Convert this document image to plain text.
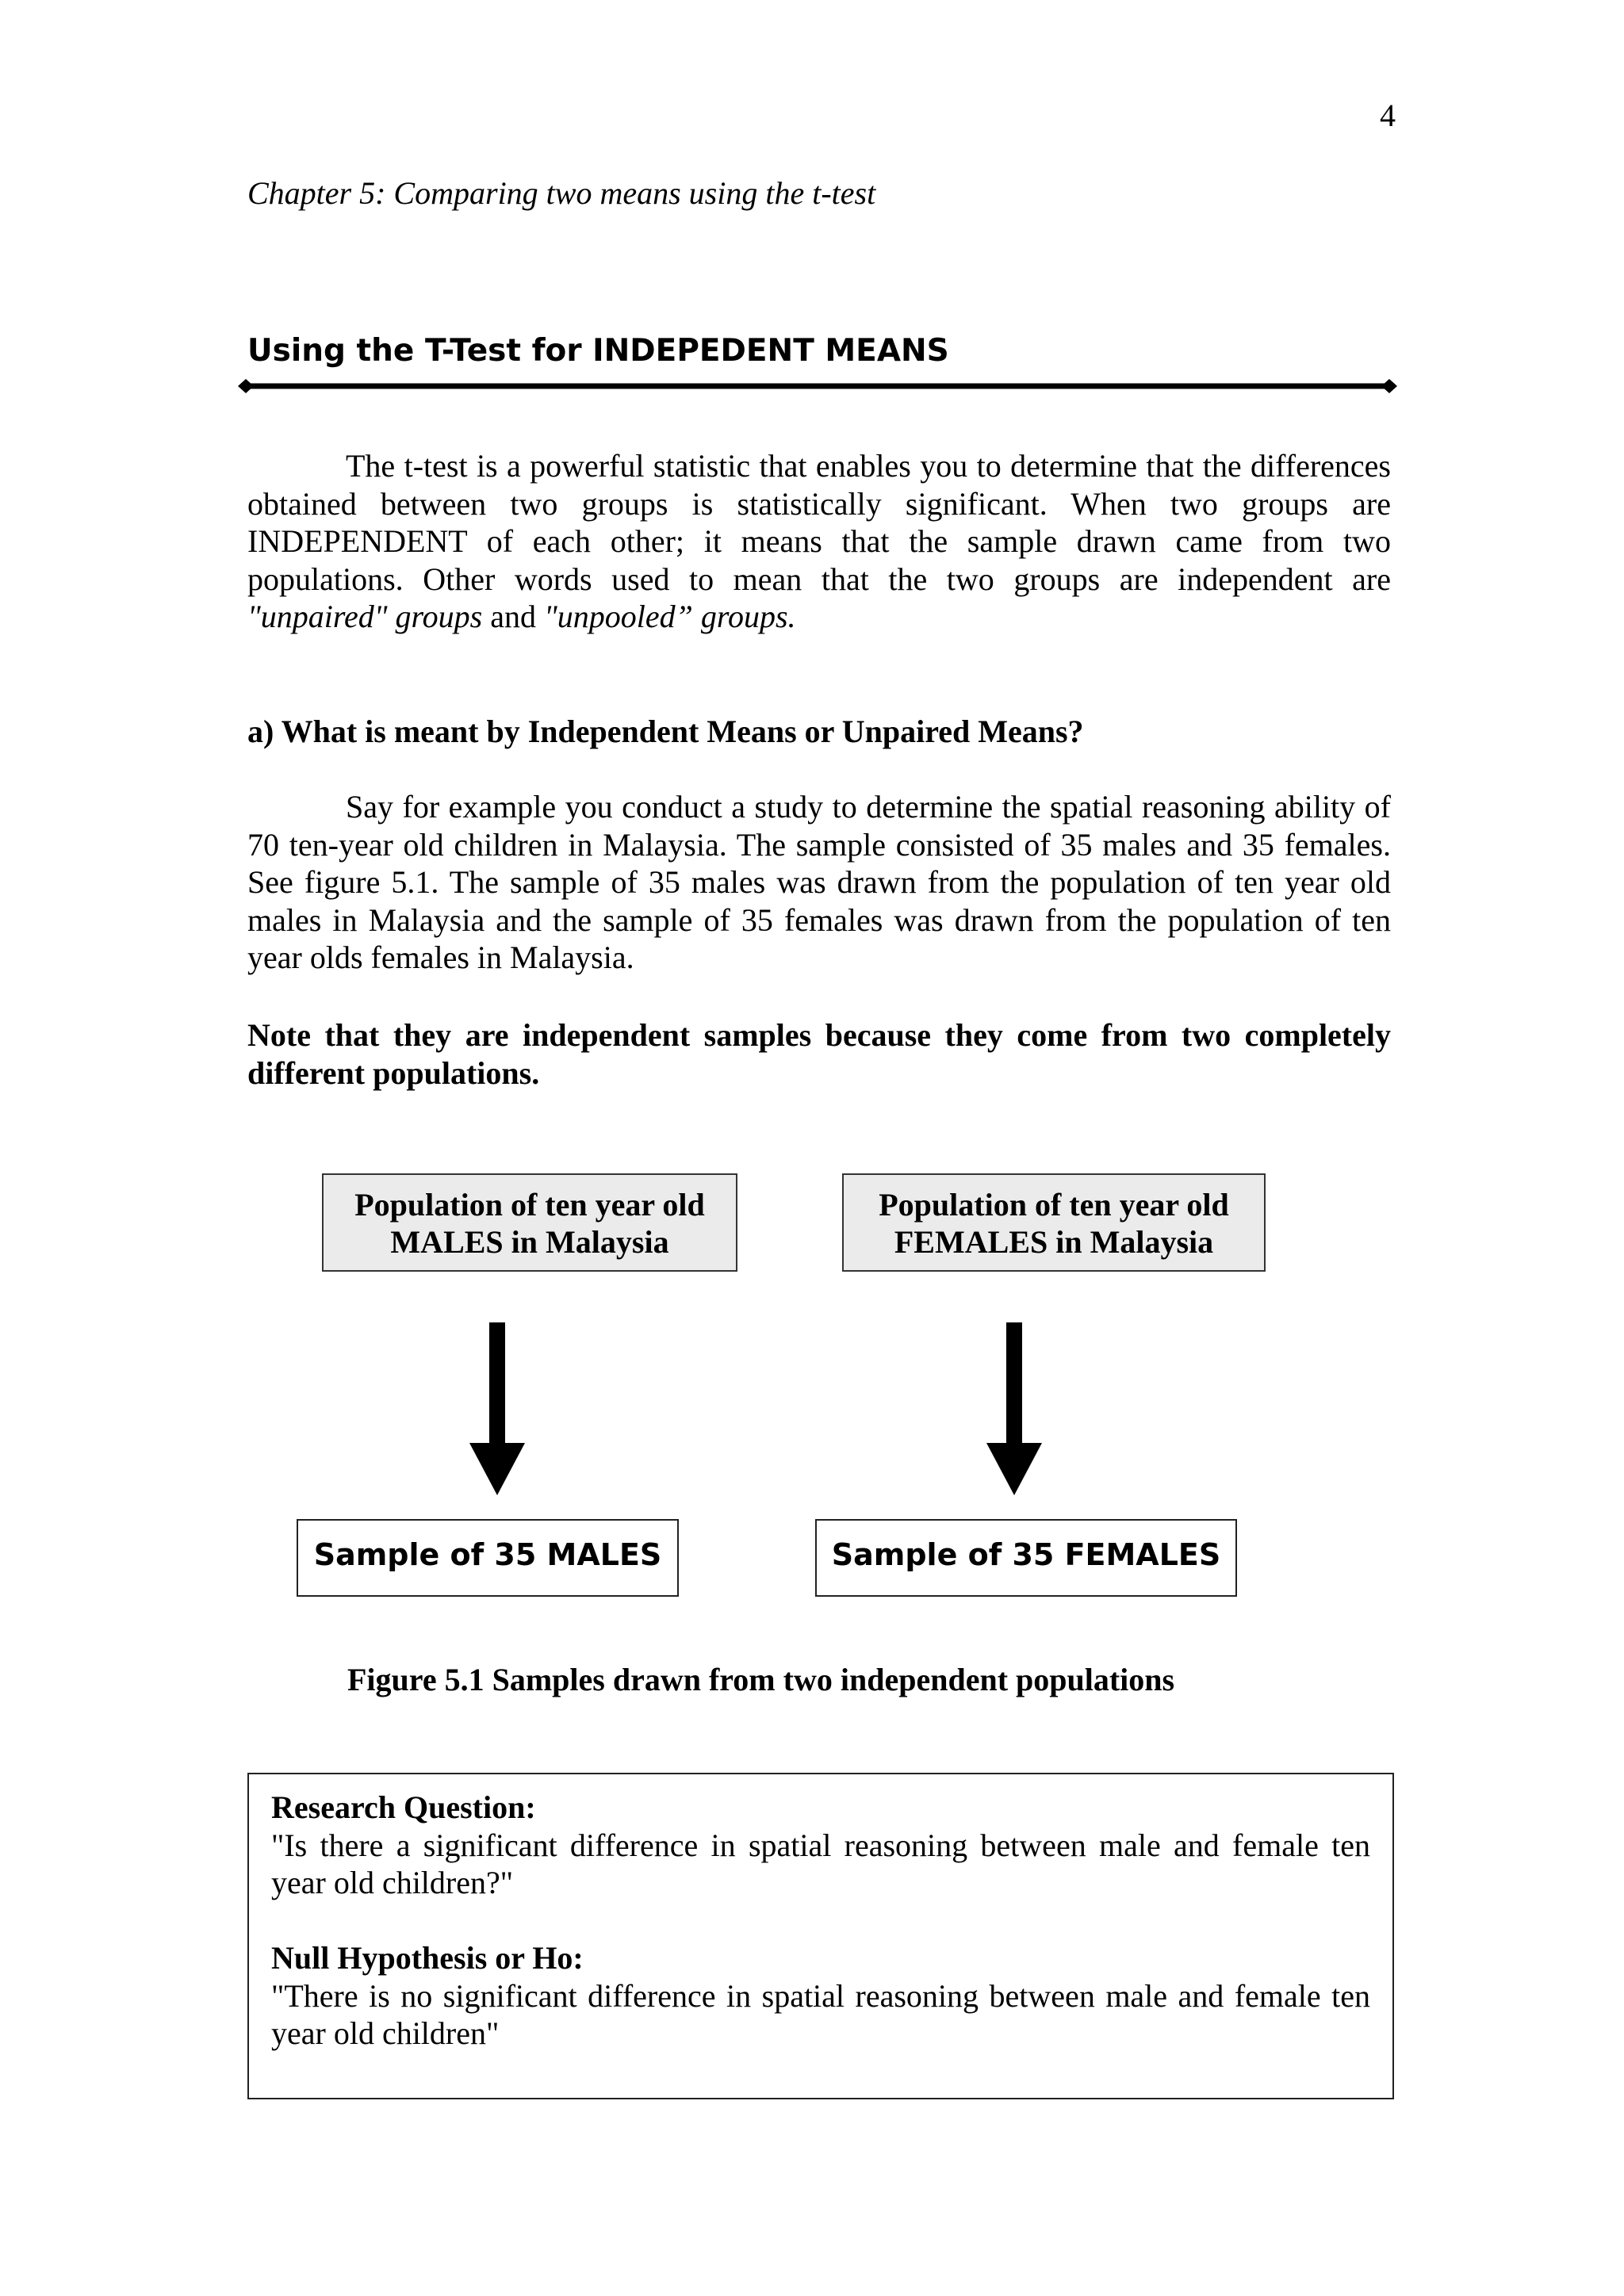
4
Chapter 5: Comparing two means using the t-test
Using the T-Test for INDEPEDENT MEANS
The t-test is a powerful statistic that enables you to determine that the differences obtained between two groups is statistically significant. When two groups are INDEPENDENT of each other; it means that the sample drawn came from two populations. Other words used to mean that the two groups are independent are "unpaired" groups and "unpooled” groups.
a) What is meant by Independent Means or Unpaired Means?
Say for example you conduct a study to determine the spatial reasoning ability of 70 ten-year old children in Malaysia. The sample consisted of 35 males and 35 females. See figure 5.1. The sample of 35 males was drawn from the population of ten year old males in Malaysia and the sample of 35 females was drawn from the population of ten year olds females in Malaysia.
Note that they are independent samples because they come from two completely different populations.
Population of ten year old
MALES in Malaysia
Population of ten year old
FEMALES in Malaysia
Sample of 35 MALES	Sample of 35 FEMALES
Figure 5.1 Samples drawn from two independent populations
Research Question:
"Is there a significant difference in spatial reasoning between male and female ten year old children?"
Null Hypothesis or Ho:
"There is no significant difference in spatial reasoning between male and female ten year old children"
